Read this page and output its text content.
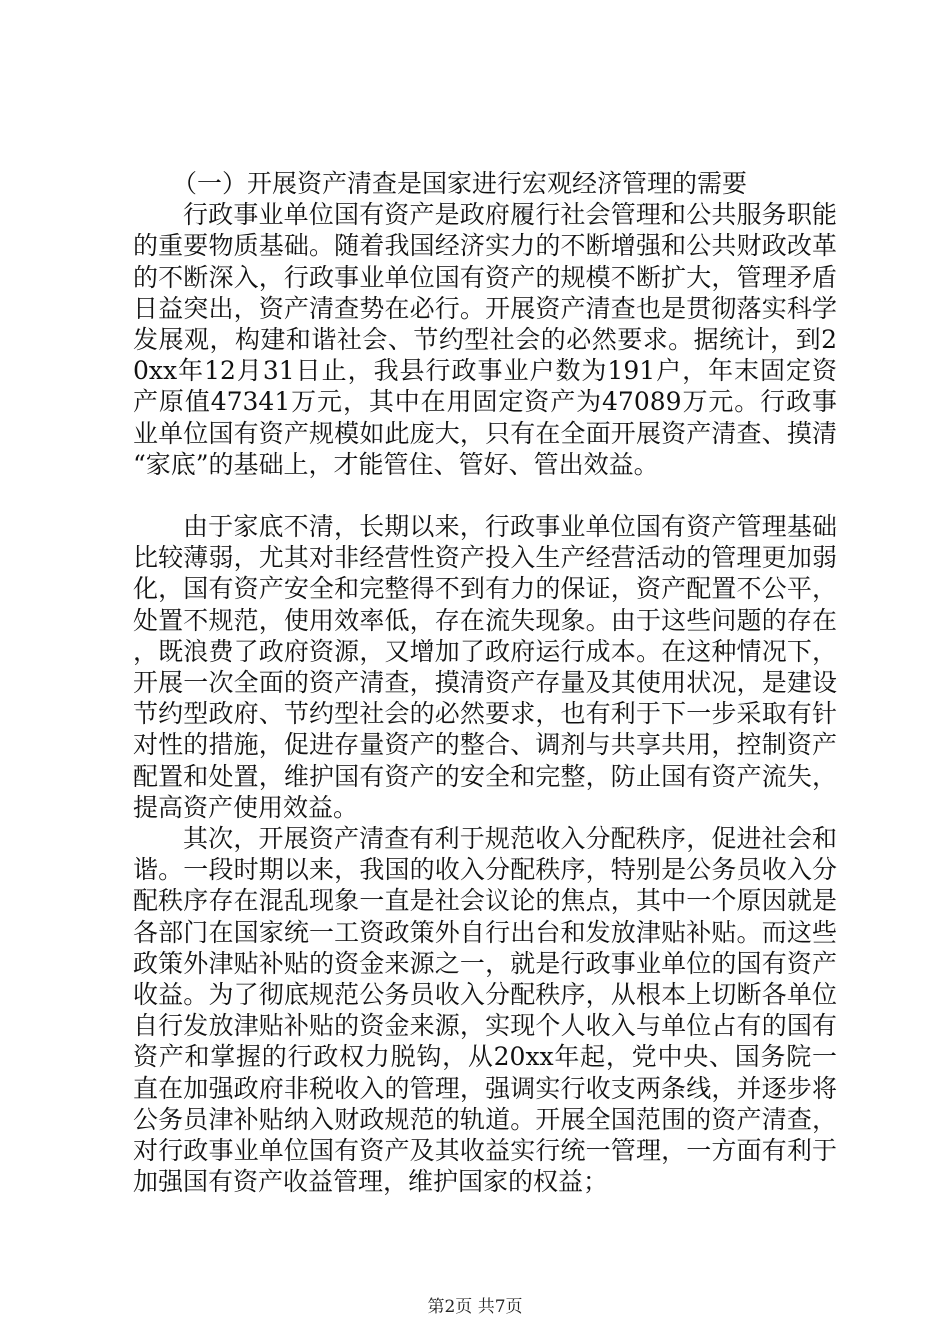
（一）开展资产清查是国家进行宏观经济管理的需要

行政事业单位国有资产是政府履行社会管理和公共服务职能的重要物质基础。随着我国经济实力的不断增强和公共财政改革的不断深入，行政事业单位国有资产的规模不断扩大，管理矛盾日益突出，资产清查势在必行。开展资产清查也是贯彻落实科学发展观，构建和谐社会、节约型社会的必然要求。据统计，到20xx年12月31日止，我县行政事业户数为191户，年末固定资产原值47341万元，其中在用固定资产为47089万元。行政事业单位国有资产规模如此庞大，只有在全面开展资产清查、摸清“家底”的基础上，才能管住、管好、管出效益。

由于家底不清，长期以来，行政事业单位国有资产管理基础比较薄弱，尤其对非经营性资产投入生产经营活动的管理更加弱化，国有资产安全和完整得不到有力的保证，资产配置不公平，处置不规范，使用效率低，存在流失现象。由于这些问题的存在，既浪费了政府资源，又增加了政府运行成本。在这种情况下，开展一次全面的资产清查，摸清资产存量及其使用状况，是建设节约型政府、节约型社会的必然要求，也有利于下一步采取有针对性的措施，促进存量资产的整合、调剂与共享共用，控制资产配置和处置，维护国有资产的安全和完整，防止国有资产流失，提高资产使用效益。

其次，开展资产清查有利于规范收入分配秩序，促进社会和谐。一段时期以来，我国的收入分配秩序，特别是公务员收入分配秩序存在混乱现象一直是社会议论的焦点，其中一个原因就是各部门在国家统一工资政策外自行出台和发放津贴补贴。而这些政策外津贴补贴的资金来源之一，就是行政事业单位的国有资产收益。为了彻底规范公务员收入分配秩序，从根本上切断各单位自行发放津贴补贴的资金来源，实现个人收入与单位占有的国有资产和掌握的行政权力脱钩，从20xx年起，党中央、国务院一直在加强政府非税收入的管理，强调实行收支两条线，并逐步将公务员津补贴纳入财政规范的轨道。开展全国范围的资产清查，对行政事业单位国有资产及其收益实行统一管理，一方面有利于加强国有资产收益管理，维护国家的权益；

第2页 共7页
